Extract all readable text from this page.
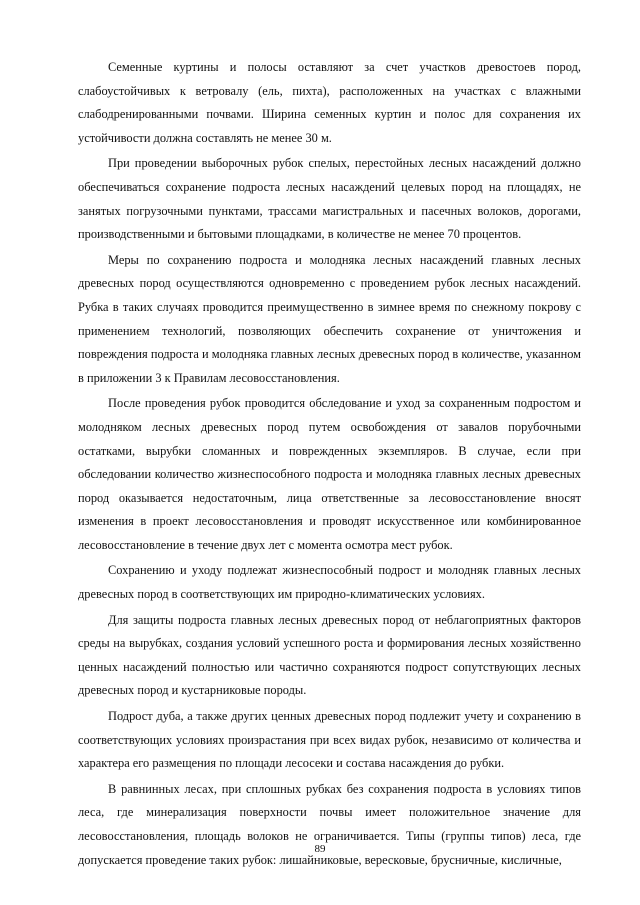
Семенные куртины и полосы оставляют за счет участков древостоев пород, слабоустойчивых к ветровалу (ель, пихта), расположенных на участках с влажными слабодренированными почвами. Ширина семенных куртин и полос для сохранения их устойчивости должна составлять не менее 30 м.

При проведении выборочных рубок спелых, перестойных лесных насаждений должно обеспечиваться сохранение подроста лесных насаждений целевых пород на площадях, не занятых погрузочными пунктами, трассами магистральных и пасечных волоков, дорогами, производственными и бытовыми площадками, в количестве не менее 70 процентов.

Меры по сохранению подроста и молодняка лесных насаждений главных лесных древесных пород осуществляются одновременно с проведением рубок лесных насаждений. Рубка в таких случаях проводится преимущественно в зимнее время по снежному покрову с применением технологий, позволяющих обеспечить сохранение от уничтожения и повреждения подроста и молодняка главных лесных древесных пород в количестве, указанном в приложении 3 к Правилам лесовосстановления.

После проведения рубок проводится обследование и уход за сохраненным подростом и молодняком лесных древесных пород путем освобождения от завалов порубочными остатками, вырубки сломанных и поврежденных экземпляров. В случае, если при обследовании количество жизнеспособного подроста и молодняка главных лесных древесных пород оказывается недостаточным, лица ответственные за лесовосстановление вносят изменения в проект лесовосстановления и проводят искусственное или комбинированное лесовосстановление в течение двух лет с момента осмотра мест рубок.

Сохранению и уходу подлежат жизнеспособный подрост и молодняк главных лесных древесных пород в соответствующих им природно-климатических условиях.

Для защиты подроста главных лесных древесных пород от неблагоприятных факторов среды на вырубках, создания условий успешного роста и формирования лесных хозяйственно ценных насаждений полностью или частично сохраняются подрост сопутствующих лесных древесных пород и кустарниковые породы.

Подрост дуба, а также других ценных древесных пород подлежит учету и сохранению в соответствующих условиях произрастания при всех видах рубок, независимо от количества и характера его размещения по площади лесосеки и состава насаждения до рубки.

В равнинных лесах, при сплошных рубках без сохранения подроста в условиях типов леса, где минерализация поверхности почвы имеет положительное значение для лесовосстановления, площадь волоков не ограничивается. Типы (группы типов) леса, где допускается проведение таких рубок: лишайниковые, вересковые, брусничные, кисличные,

89
